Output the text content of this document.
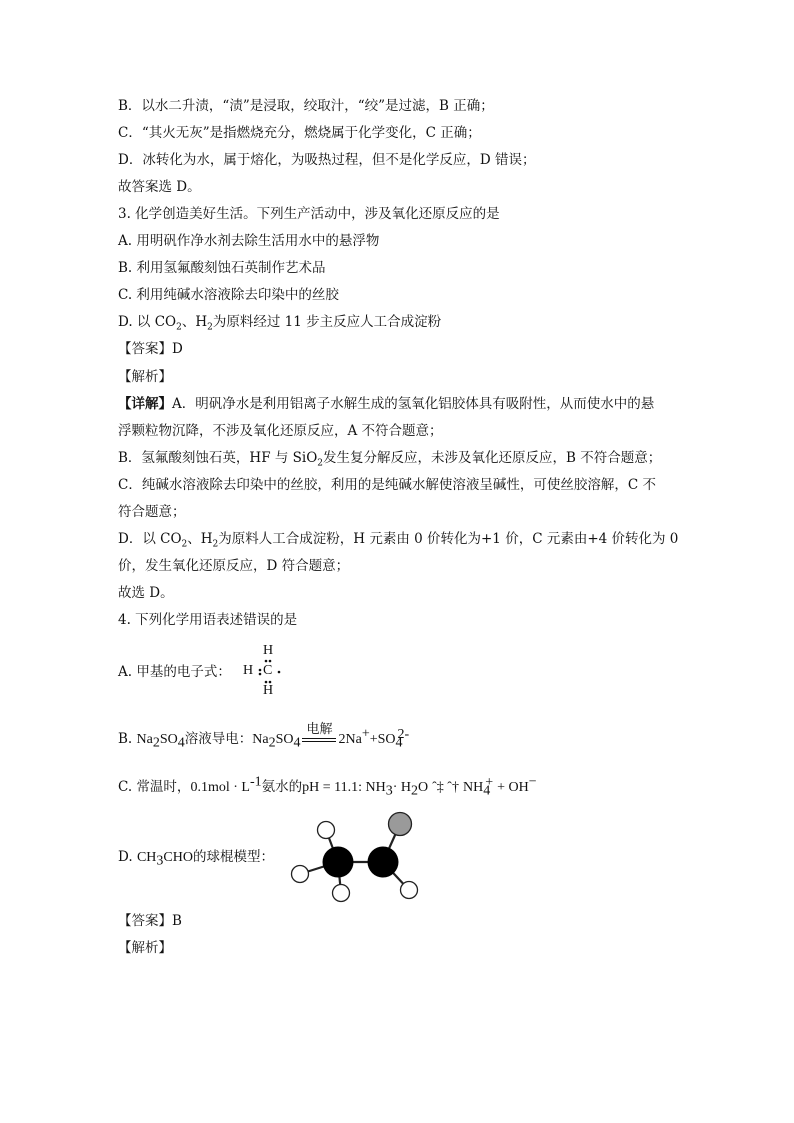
B．以水二升渍，“渍”是浸取，绞取汁，“绞”是过滤，B 正确；
C．“其火无灰”是指燃烧充分，燃烧属于化学变化，C 正确；
D．冰转化为水，属于熔化，为吸热过程，但不是化学反应，D 错误；
故答案选 D。
3. 化学创造美好生活。下列生产活动中，涉及氧化还原反应的是
A. 用明矾作净水剂去除生活用水中的悬浮物
B. 利用氢氟酸刻蚀石英制作艺术品
C. 利用纯碱水溶液除去印染中的丝胶
D. 以 $CO_2$、$H_2$为原料经过 11 步主反应人工合成淀粉
【答案】D
【解析】
【详解】A．明矾净水是利用铝离子水解生成的氢氧化铝胶体具有吸附性，从而使水中的悬
浮颗粒物沉降，不涉及氧化还原反应，A 不符合题意；
B．氢氟酸刻蚀石英，HF 与 SiO$_2$发生复分解反应，未涉及氧化还原反应，B 不符合题意；
C．纯碱水溶液除去印染中的丝胶，利用的是纯碱水解使溶液呈碱性，可使丝胶溶解，C 不
符合题意；
D．以 $CO_2$、$H_2$为原料人工合成淀粉，H 元素由 0 价转化为+1 价，C 元素由+4 价转化为 0
价，发生氧化还原反应，D 符合题意；
故选 D。
4. 下列化学用语表述错误的是
A. 甲基的电子式：
H
H C
H
B. $Na_2SO_4$溶液导电：$Na_2SO_4$
电解
$2Na^++SO_4^{2-}$
C. 常温时，$0.1mol \cdot L^{-1}$氨水的pH = 11.1: $NH_3\cdot H_2O$ ˆ‡ ˆ† $NH_4^+ + OH^-$
D. $CH_3CHO$的球棍模型：
【答案】B
【解析】
